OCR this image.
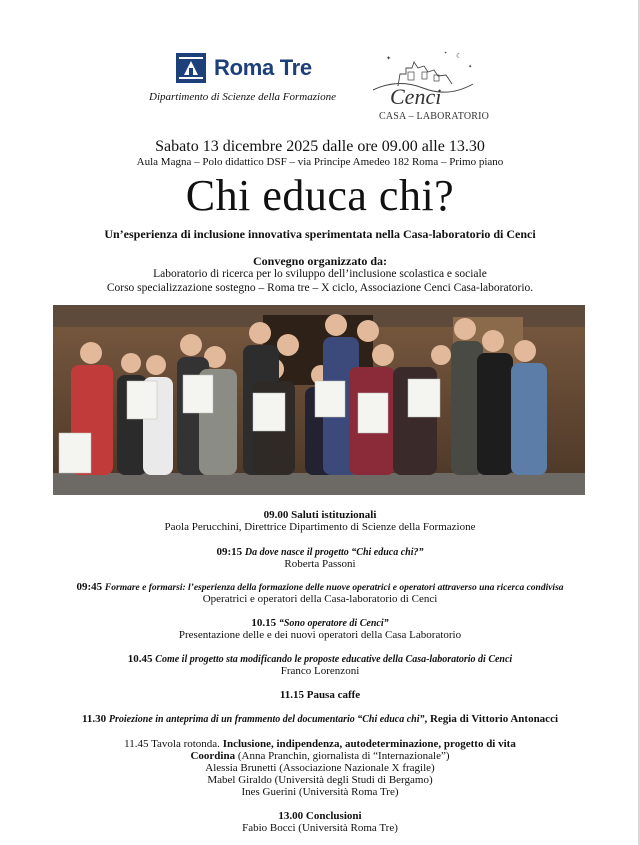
Roma Tre
Dipartimento di Scienze della Formazione
✦	☾
✦
✦
Cenci
CASA – LABORATORIO
Sabato 13 dicembre 2025 dalle ore 09.00 alle 13.30
Aula Magna – Polo didattico DSF – via Principe Amedeo 182 Roma – Primo piano
Chi educa chi?
Un’esperienza di inclusione innovativa sperimentata nella Casa-laboratorio di Cenci
Convegno organizzato da:
Laboratorio di ricerca per lo sviluppo dell’inclusione scolastica e sociale
Corso specializzazione sostegno – Roma tre – X ciclo, Associazione Cenci Casa-laboratorio.
09.00 Saluti istituzionali
Paola Perucchini, Direttrice Dipartimento di Scienze della Formazione
09:15 Da dove nasce il progetto “Chi educa chi?”
Roberta Passoni
09:45 Formare e formarsi: l’esperienza della formazione delle nuove operatrici e operatori attraverso una ricerca condivisa
Operatrici e operatori della Casa-laboratorio di Cenci
10.15 “Sono operatore di Cenci”
Presentazione delle e dei nuovi operatori della Casa Laboratorio
10.45 Come il progetto sta modificando le proposte educative della Casa-laboratorio di Cenci
Franco Lorenzoni
11.15 Pausa caffe
11.30 Proiezione in anteprima di un frammento del documentario “Chi educa chi”, Regia di Vittorio Antonacci
11.45 Tavola rotonda. Inclusione, indipendenza, autodeterminazione, progetto di vita
Coordina (Anna Pranchin, giornalista di “Internazionale”)
Alessia Brunetti (Associazione Nazionale X fragile)
Mabel Giraldo (Università degli Studi di Bergamo)
Ines Guerini (Università Roma Tre)
13.00 Conclusioni
Fabio Bocci (Università Roma Tre)
